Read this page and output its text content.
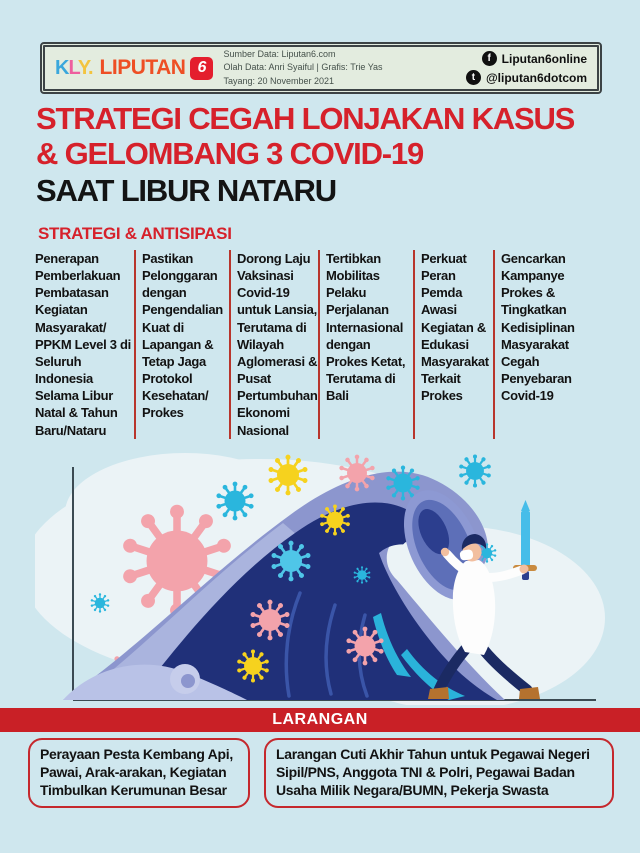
KLY. LIPUTAN 6
Sumber Data: Liputan6.com
Olah Data: Anri Syaiful | Grafis: Trie Yas
Tayang: 20 November 2021
f Liputan6online
t @liputan6dotcom
STRATEGI CEGAH LONJAKAN KASUS
& GELOMBANG 3 COVID-19
SAAT LIBUR NATARU
STRATEGI & ANTISIPASI
Penerapan Pemberlakuan Pembatasan Kegiatan Masyarakat/ PPKM Level 3 di Seluruh Indonesia Selama Libur Natal & Tahun Baru/Nataru
Pastikan Pelonggaran dengan Pengendalian Kuat di Lapangan & Tetap Jaga Protokol Kesehatan/ Prokes
Dorong Laju Vaksinasi Covid-19 untuk Lansia, Terutama di Wilayah Aglomerasi & Pusat Pertumbuhan Ekonomi Nasional
Tertibkan Mobilitas Pelaku Perjalanan Internasional dengan Prokes Ketat, Terutama di Bali
Perkuat Peran Pemda Awasi Kegiatan & Edukasi Masyarakat Terkait Prokes
Gencarkan Kampanye Prokes & Tingkatkan Kedisiplinan Masyarakat Cegah Penyebaran Covid-19
LARANGAN
Perayaan Pesta Kembang Api, Pawai, Arak-arakan, Kegiatan Timbulkan Kerumunan Besar
Larangan Cuti Akhir Tahun untuk Pegawai Negeri Sipil/PNS, Anggota TNI & Polri, Pegawai Badan Usaha Milik Negara/BUMN, Pekerja Swasta
